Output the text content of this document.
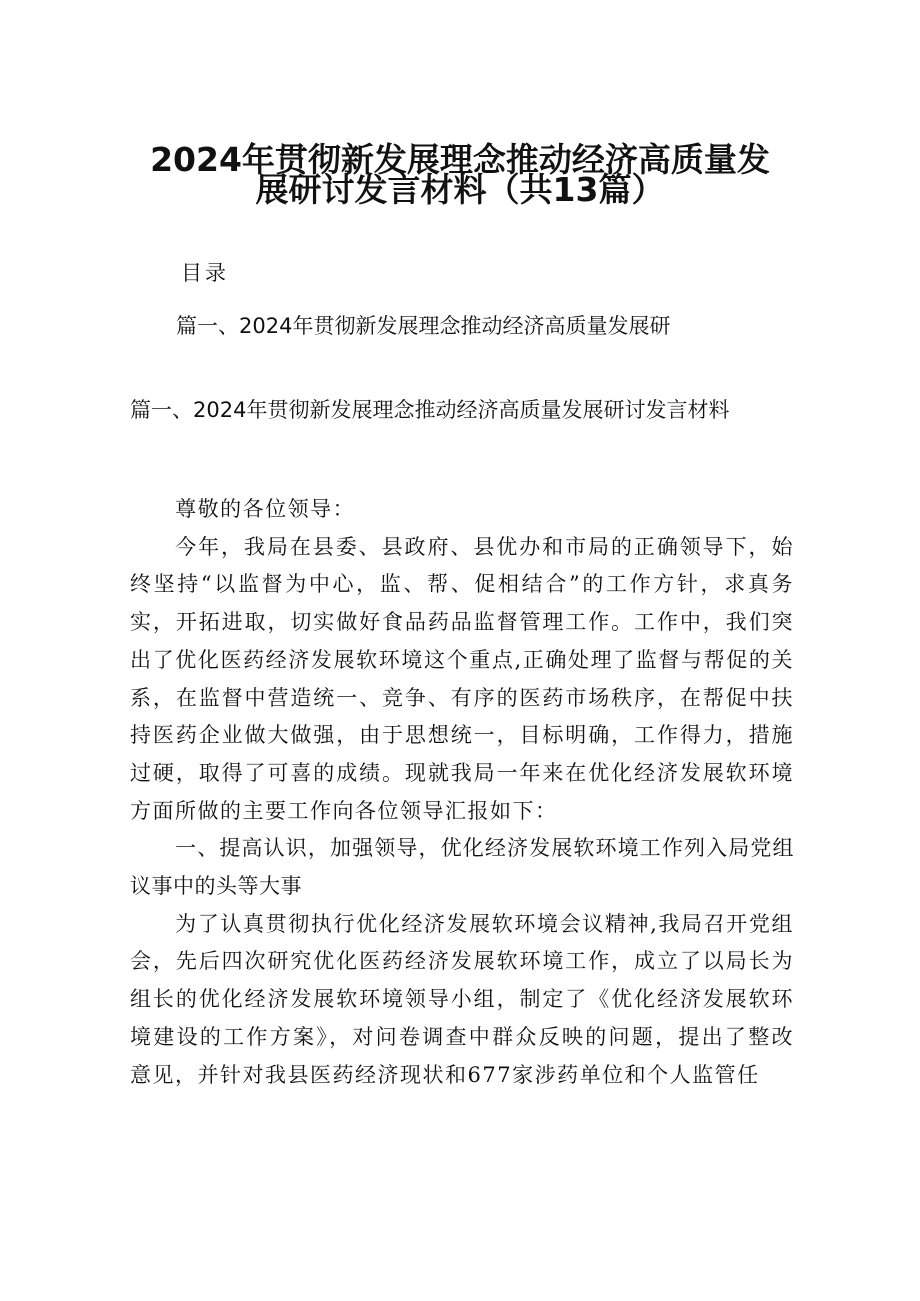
2024年贯彻新发展理念推动经济高质量发
展研讨发言材料（共13篇）
目录
篇一、2024年贯彻新发展理念推动经济高质量发展研
篇一、2024年贯彻新发展理念推动经济高质量发展研讨发言材料

尊敬的各位领导：

今年，我局在县委、县政府、县优办和市局的正确领导下，始终坚持“以监督为中心，监、帮、促相结合”的工作方针，求真务实，开拓进取，切实做好食品药品监督管理工作。工作中，我们突出了优化医药经济发展软环境这个重点,正确处理了监督与帮促的关系，在监督中营造统一、竞争、有序的医药市场秩序，在帮促中扶持医药企业做大做强，由于思想统一，目标明确，工作得力，措施过硬，取得了可喜的成绩。现就我局一年来在优化经济发展软环境方面所做的主要工作向各位领导汇报如下：

一、提高认识，加强领导，优化经济发展软环境工作列入局党组议事中的头等大事

为了认真贯彻执行优化经济发展软环境会议精神,我局召开党组会，先后四次研究优化医药经济发展软环境工作，成立了以局长为组长的优化经济发展软环境领导小组，制定了《优化经济发展软环境建设的工作方案》，对问卷调查中群众反映的问题，提出了整改意见，并针对我县医药经济现状和677家涉药单位和个人监管任
